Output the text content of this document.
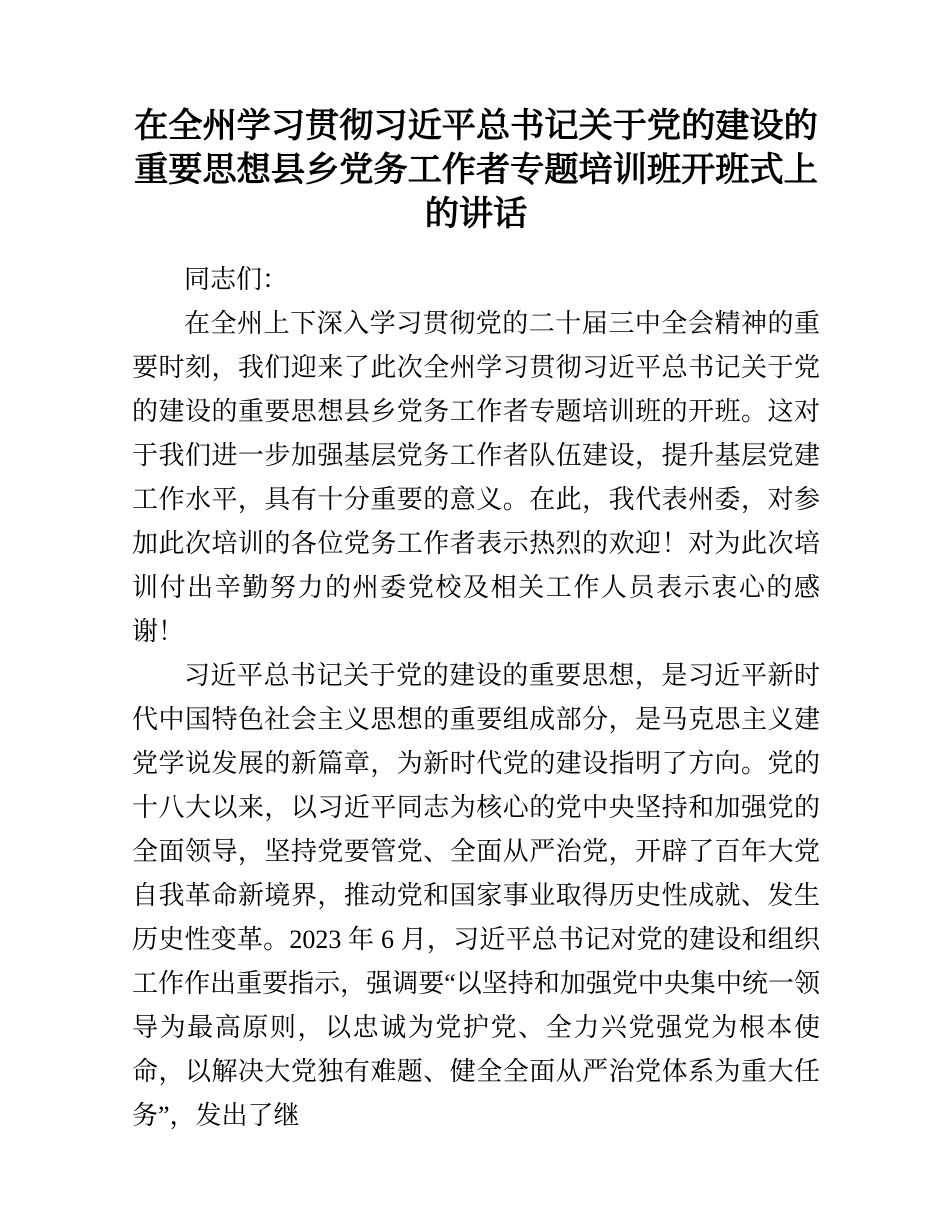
在全州学习贯彻习近平总书记关于党的建设的重要思想县乡党务工作者专题培训班开班式上的讲话

同志们：

在全州上下深入学习贯彻党的二十届三中全会精神的重要时刻，我们迎来了此次全州学习贯彻习近平总书记关于党的建设的重要思想县乡党务工作者专题培训班的开班。这对于我们进一步加强基层党务工作者队伍建设，提升基层党建工作水平，具有十分重要的意义。在此，我代表州委，对参加此次培训的各位党务工作者表示热烈的欢迎！对为此次培训付出辛勤努力的州委党校及相关工作人员表示衷心的感谢！

习近平总书记关于党的建设的重要思想，是习近平新时代中国特色社会主义思想的重要组成部分，是马克思主义建党学说发展的新篇章，为新时代党的建设指明了方向。党的十八大以来，以习近平同志为核心的党中央坚持和加强党的全面领导，坚持党要管党、全面从严治党，开辟了百年大党自我革命新境界，推动党和国家事业取得历史性成就、发生历史性变革。2023 年 6 月，习近平总书记对党的建设和组织工作作出重要指示，强调要“以坚持和加强党中央集中统一领导为最高原则，以忠诚为党护党、全力兴党强党为根本使命，以解决大党独有难题、健全全面从严治党体系为重大任务”，发出了继
